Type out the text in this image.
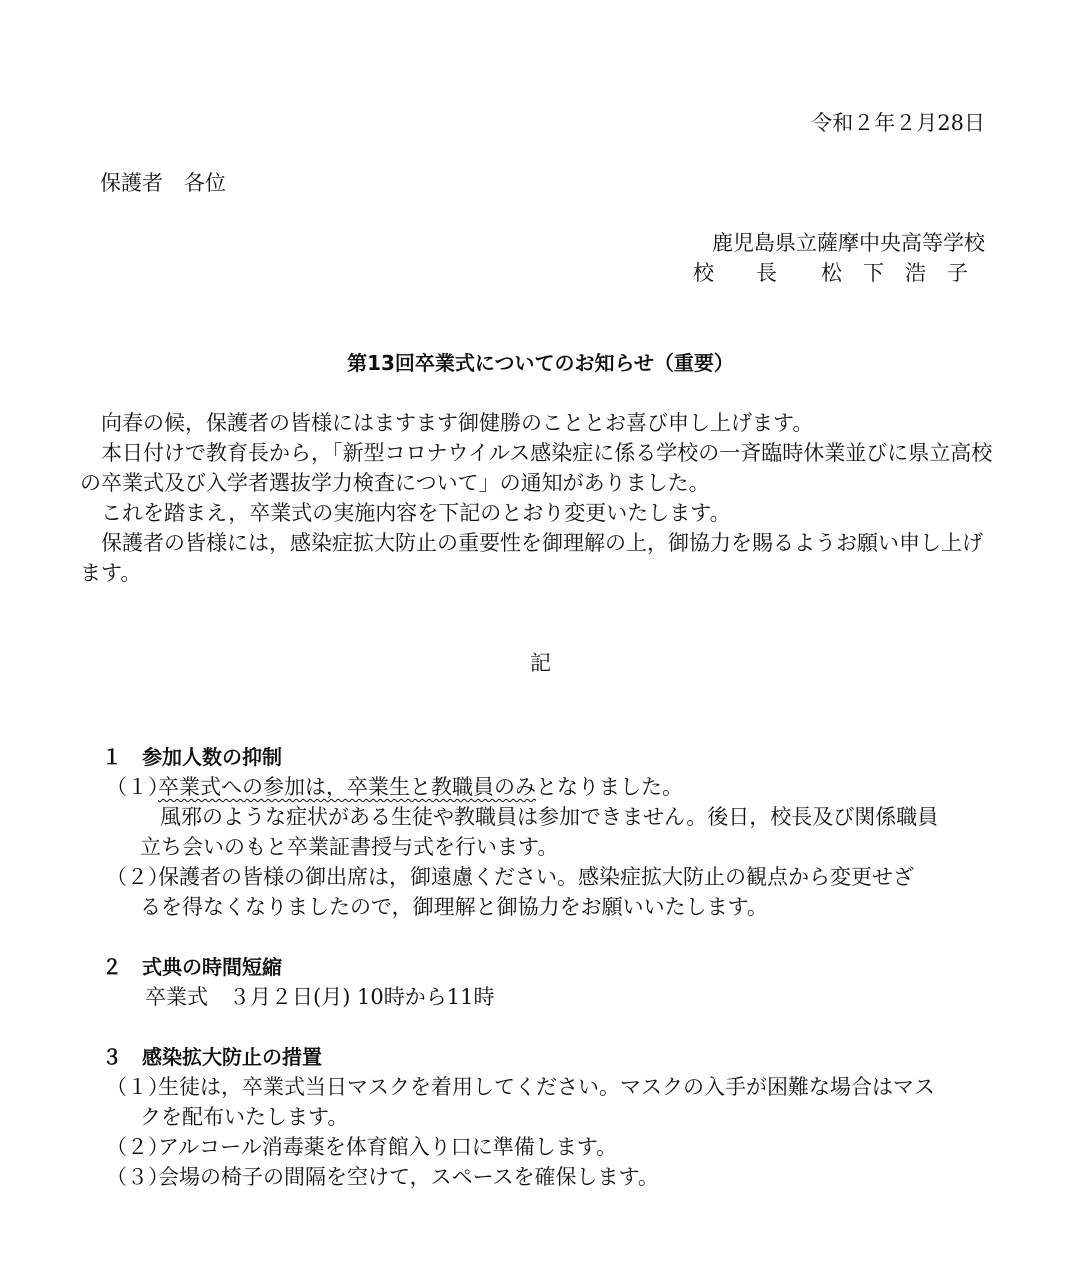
令和２年２月28日
保護者　各位
鹿児島県立薩摩中央高等学校
校　　長 松　下　浩　子
第13回卒業式についてのお知らせ（重要）
向春の候，保護者の皆様にはますます御健勝のこととお喜び申し上げます。
本日付けで教育長から，「新型コロナウイルス感染症に係る学校の一斉臨時休業並びに県立高校の卒業式及び入学者選抜学力検査について」の通知がありました。
これを踏まえ，卒業式の実施内容を下記のとおり変更いたします。
保護者の皆様には，感染症拡大防止の重要性を御理解の上，御協力を賜るようお願い申し上げます。
記
１ 参加人数の抑制
（１）卒業式への参加は，卒業生と教職員のみとなりました。
風邪のような症状がある生徒や教職員は参加できません。後日，校長及び関係職員
立ち会いのもと卒業証書授与式を行います。
（２）保護者の皆様の御出席は，御遠慮ください。感染症拡大防止の観点から変更せざ
るを得なくなりましたので，御理解と御協力をお願いいたします。
２ 式典の時間短縮
卒業式　３月２日(月) 10時から11時
３ 感染拡大防止の措置
（１）生徒は，卒業式当日マスクを着用してください。マスクの入手が困難な場合はマス
クを配布いたします。
（２）アルコール消毒薬を体育館入り口に準備します。
（３）会場の椅子の間隔を空けて，スペースを確保します。
